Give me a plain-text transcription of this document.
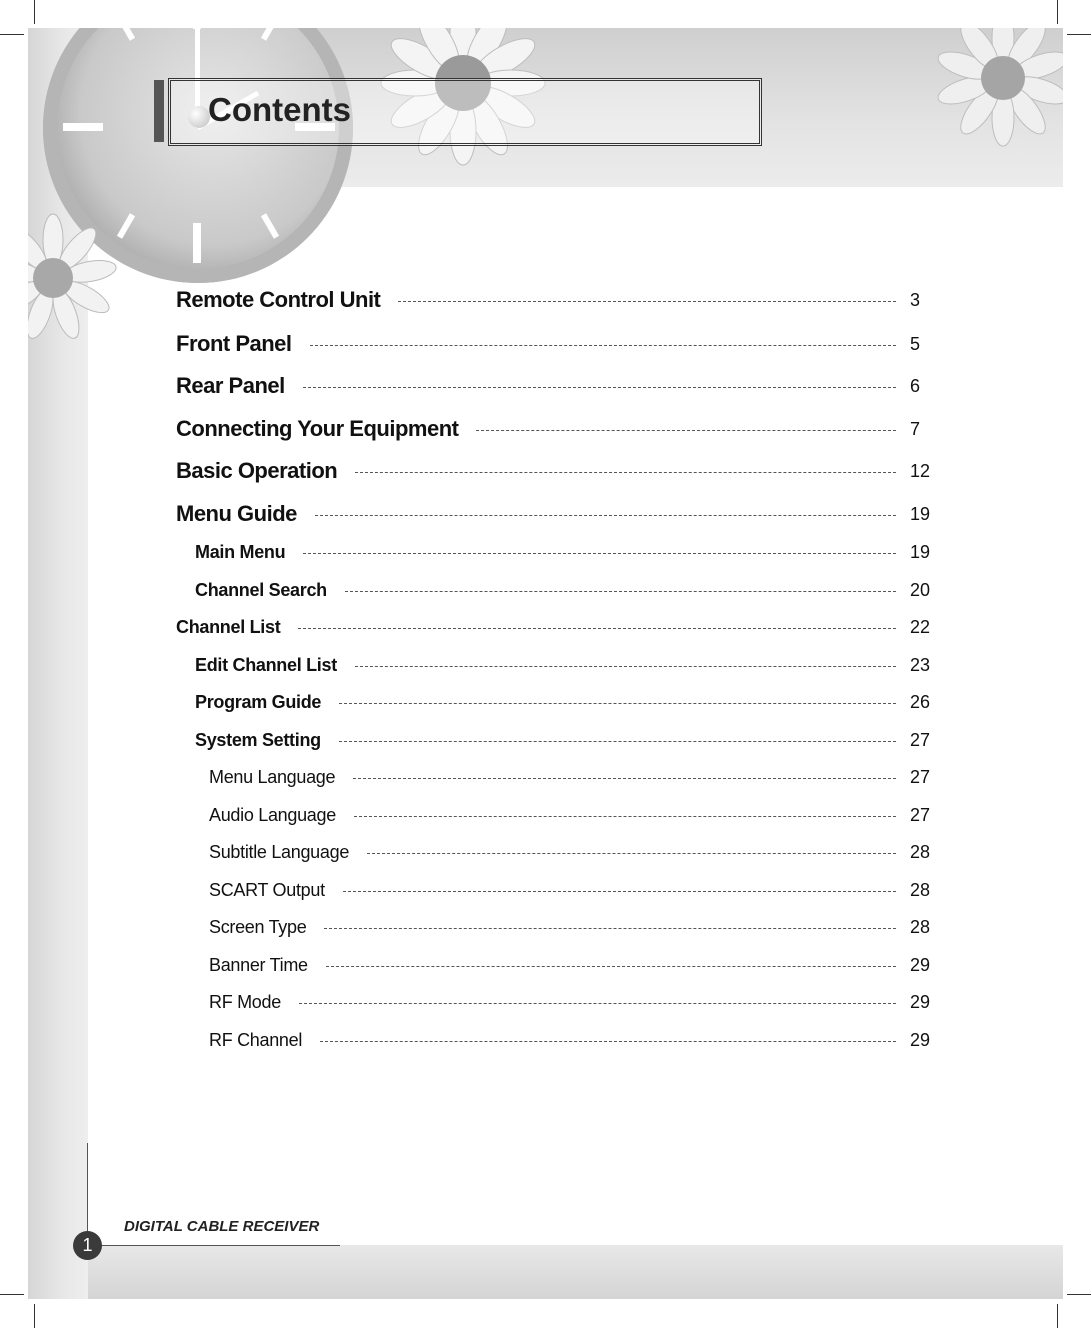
Contents
Remote Control Unit	3
Front Panel	5
Rear Panel	6
Connecting Your Equipment	7
Basic Operation	12
Menu Guide	19
Main Menu	19
Channel Search	20
Channel List	22
Edit Channel List	23
Program Guide	26
System Setting	27
Menu Language	27
Audio Language	27
Subtitle Language	28
SCART Output	28
Screen Type	28
Banner Time	29
RF Mode	29
RF Channel	29
DIGITAL CABLE RECEIVER
1
